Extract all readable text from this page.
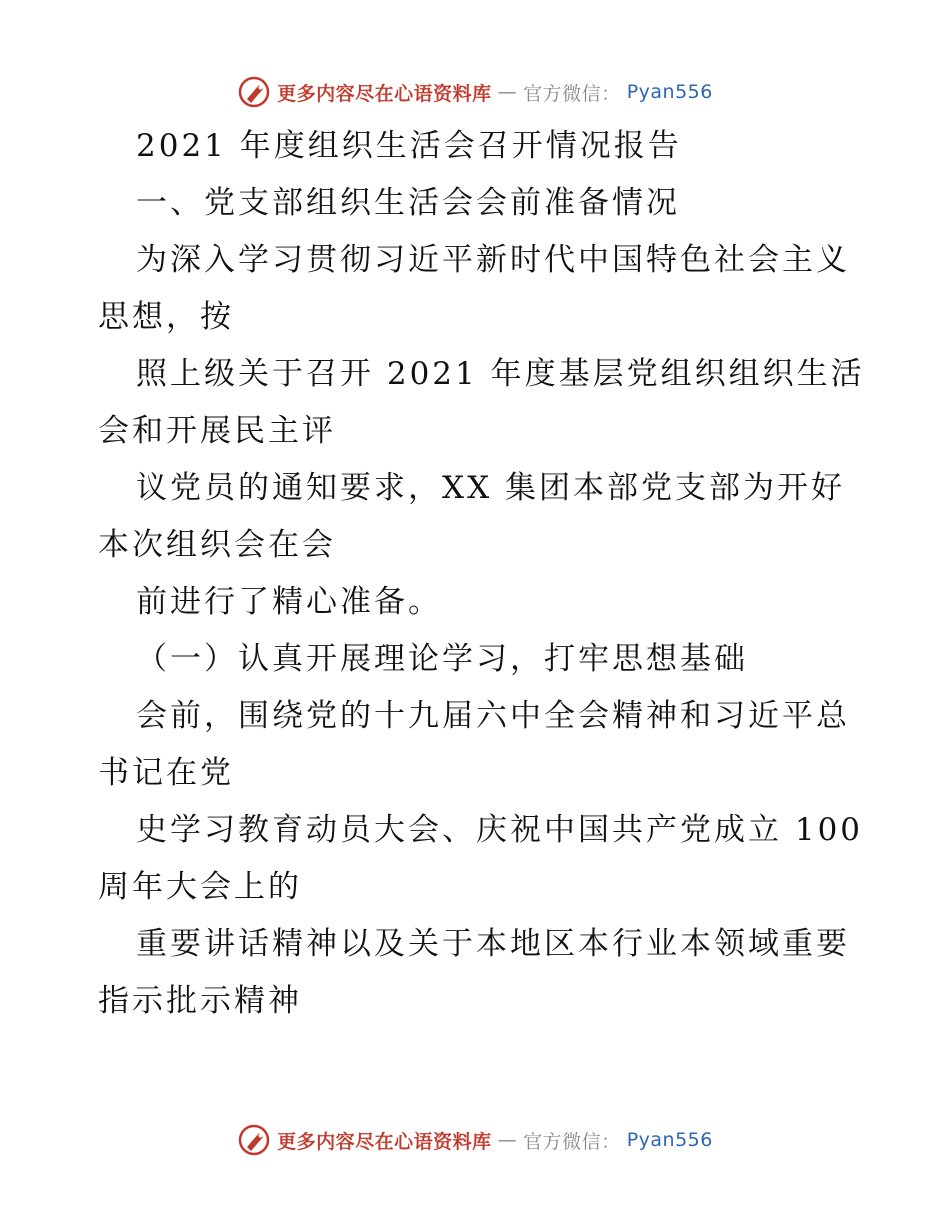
更多内容尽在心语资料库 — 官方微信： Pyan556
2021 年度组织生活会召开情况报告
一、党支部组织生活会会前准备情况
为深入学习贯彻习近平新时代中国特色社会主义
思想，按
照上级关于召开 2021 年度基层党组织组织生活
会和开展民主评
议党员的通知要求，XX 集团本部党支部为开好
本次组织会在会
前进行了精心准备。
（一）认真开展理论学习，打牢思想基础
会前，围绕党的十九届六中全会精神和习近平总
书记在党
史学习教育动员大会、庆祝中国共产党成立 100
周年大会上的
重要讲话精神以及关于本地区本行业本领域重要
指示批示精神
更多内容尽在心语资料库 — 官方微信： Pyan556
